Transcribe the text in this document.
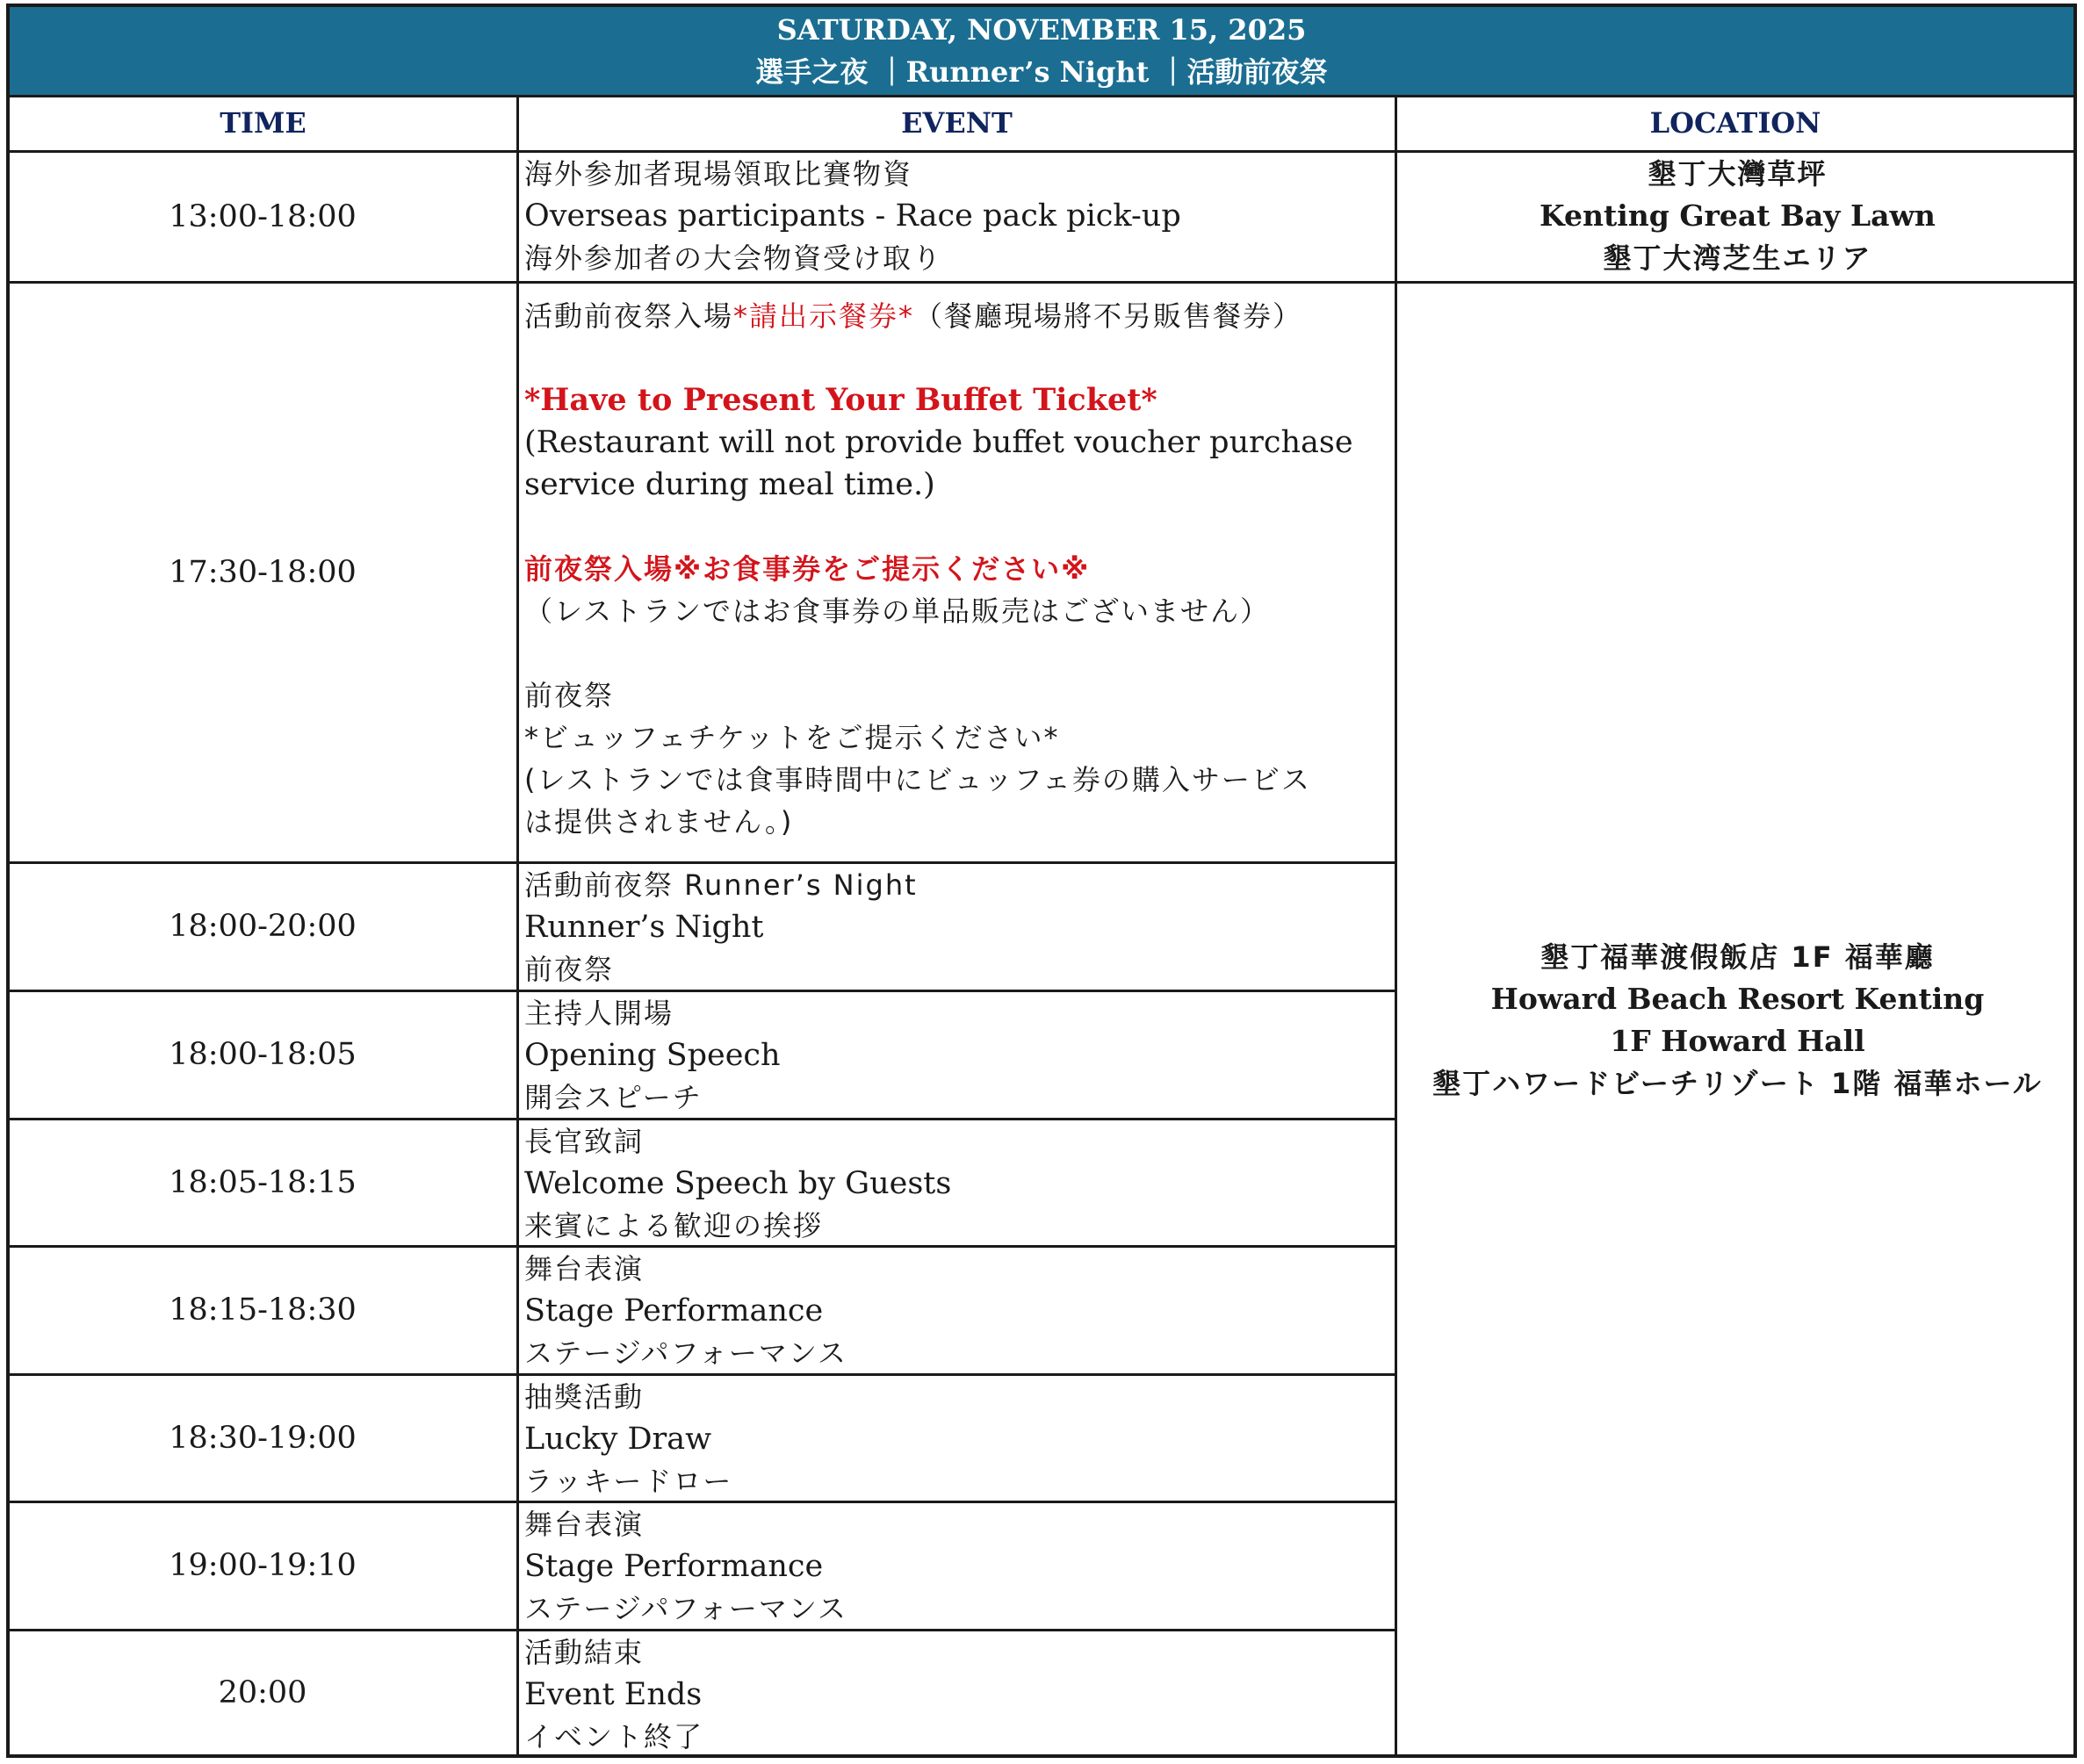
SATURDAY, NOVEMBER 15, 2025
選手之夜 ｜Runner’s Night ｜活動前夜祭
TIME	EVENT	LOCATION
13:00-18:00
海外参加者現場領取比賽物資
Overseas participants - Race pack pick-up
海外参加者の大会物資受け取り
墾丁大灣草坪
Kenting Great Bay Lawn
墾丁大湾芝生エリア
17:30-18:00
活動前夜祭入場*請出示餐券*（餐廳現場將不另販售餐券）
*Have to Present Your Buffet Ticket*
(Restaurant will not provide buffet voucher purchase service during meal time.)
前夜祭入場※お食事券をご提示ください※
（レストランではお食事券の単品販売はございません）
前夜祭
*ビュッフェチケットをご提示ください*
(レストランでは食事時間中にビュッフェ券の購入サービス
は提供されません。)
18:00-20:00
活動前夜祭 Runner’s Night
Runner’s Night
前夜祭
18:00-18:05
主持人開場
Opening Speech
開会スピーチ
18:05-18:15
長官致詞
Welcome Speech by Guests
来賓による歓迎の挨拶
18:15-18:30
舞台表演
Stage Performance
ステージパフォーマンス
18:30-19:00
抽獎活動
Lucky Draw
ラッキードロー
19:00-19:10
舞台表演
Stage Performance
ステージパフォーマンス
20:00
活動結束
Event Ends
イベント終了
墾丁福華渡假飯店 1F 福華廳
Howard Beach Resort Kenting
1F Howard Hall
墾丁ハワードビーチリゾート 1階 福華ホール
